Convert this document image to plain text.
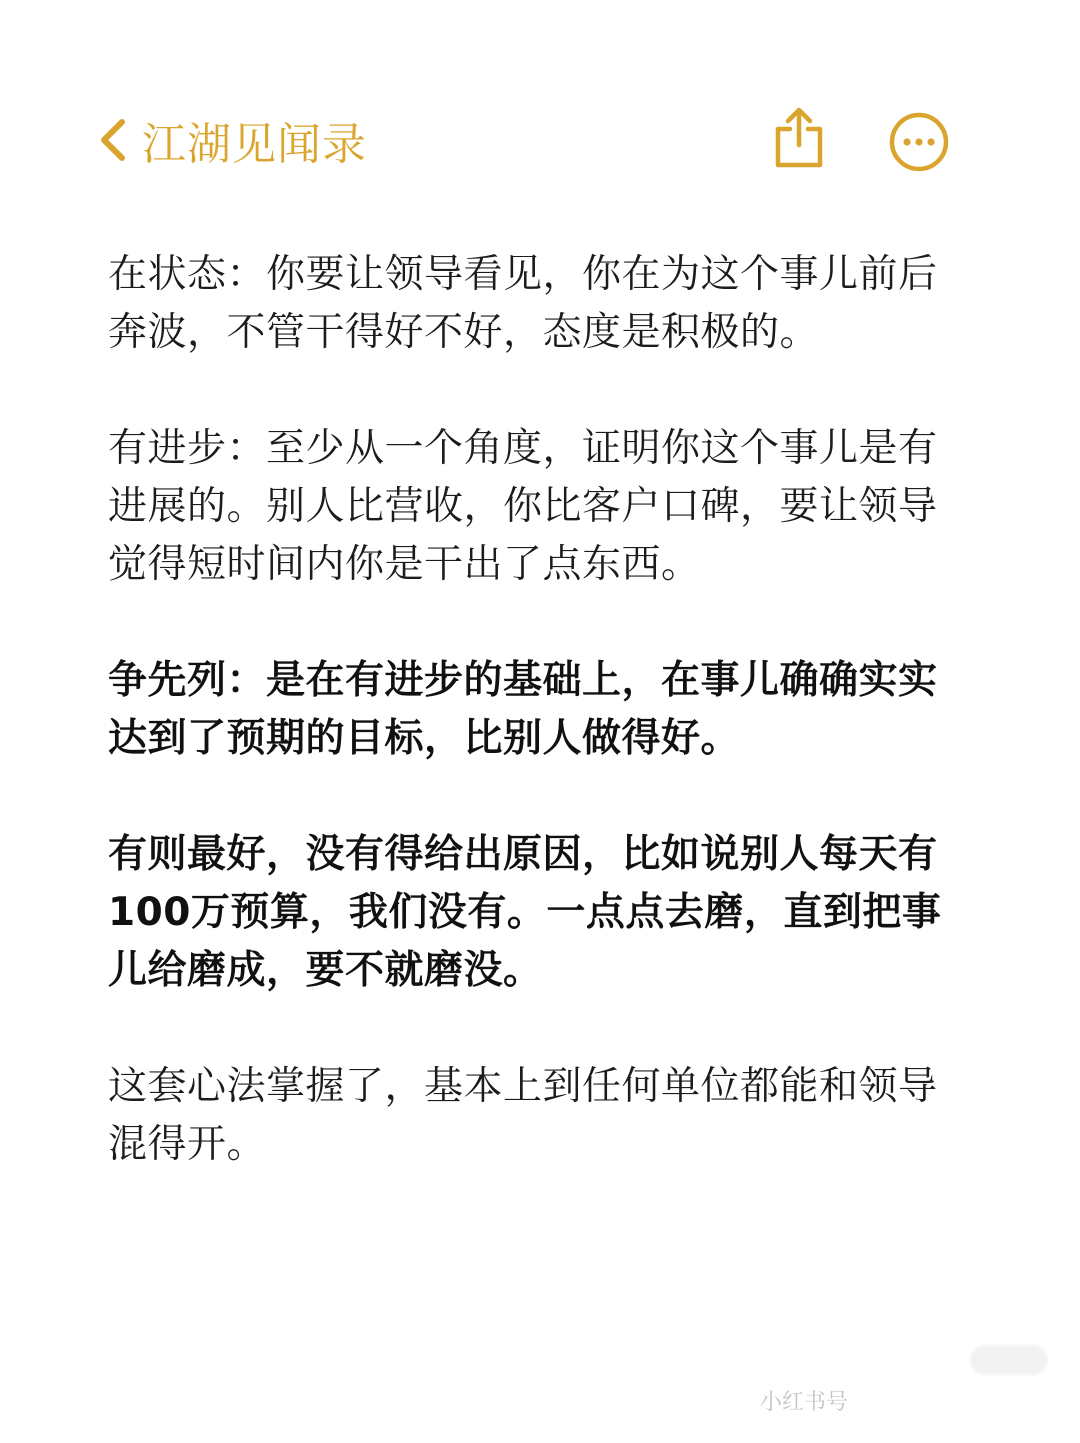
江湖见闻录

在状态：你要让领导看见，你在为这个事儿前后
奔波，不管干得好不好，态度是积极的。

有进步：至少从一个角度，证明你这个事儿是有
进展的。别人比营收，你比客户口碑，要让领导
觉得短时间内你是干出了点东西。

争先列：是在有进步的基础上，在事儿确确实实
达到了预期的目标，比别人做得好。

有则最好，没有得给出原因，比如说别人每天有
100万预算，我们没有。一点点去磨，直到把事
儿给磨成，要不就磨没。

这套心法掌握了，基本上到任何单位都能和领导
混得开。

小红书号
